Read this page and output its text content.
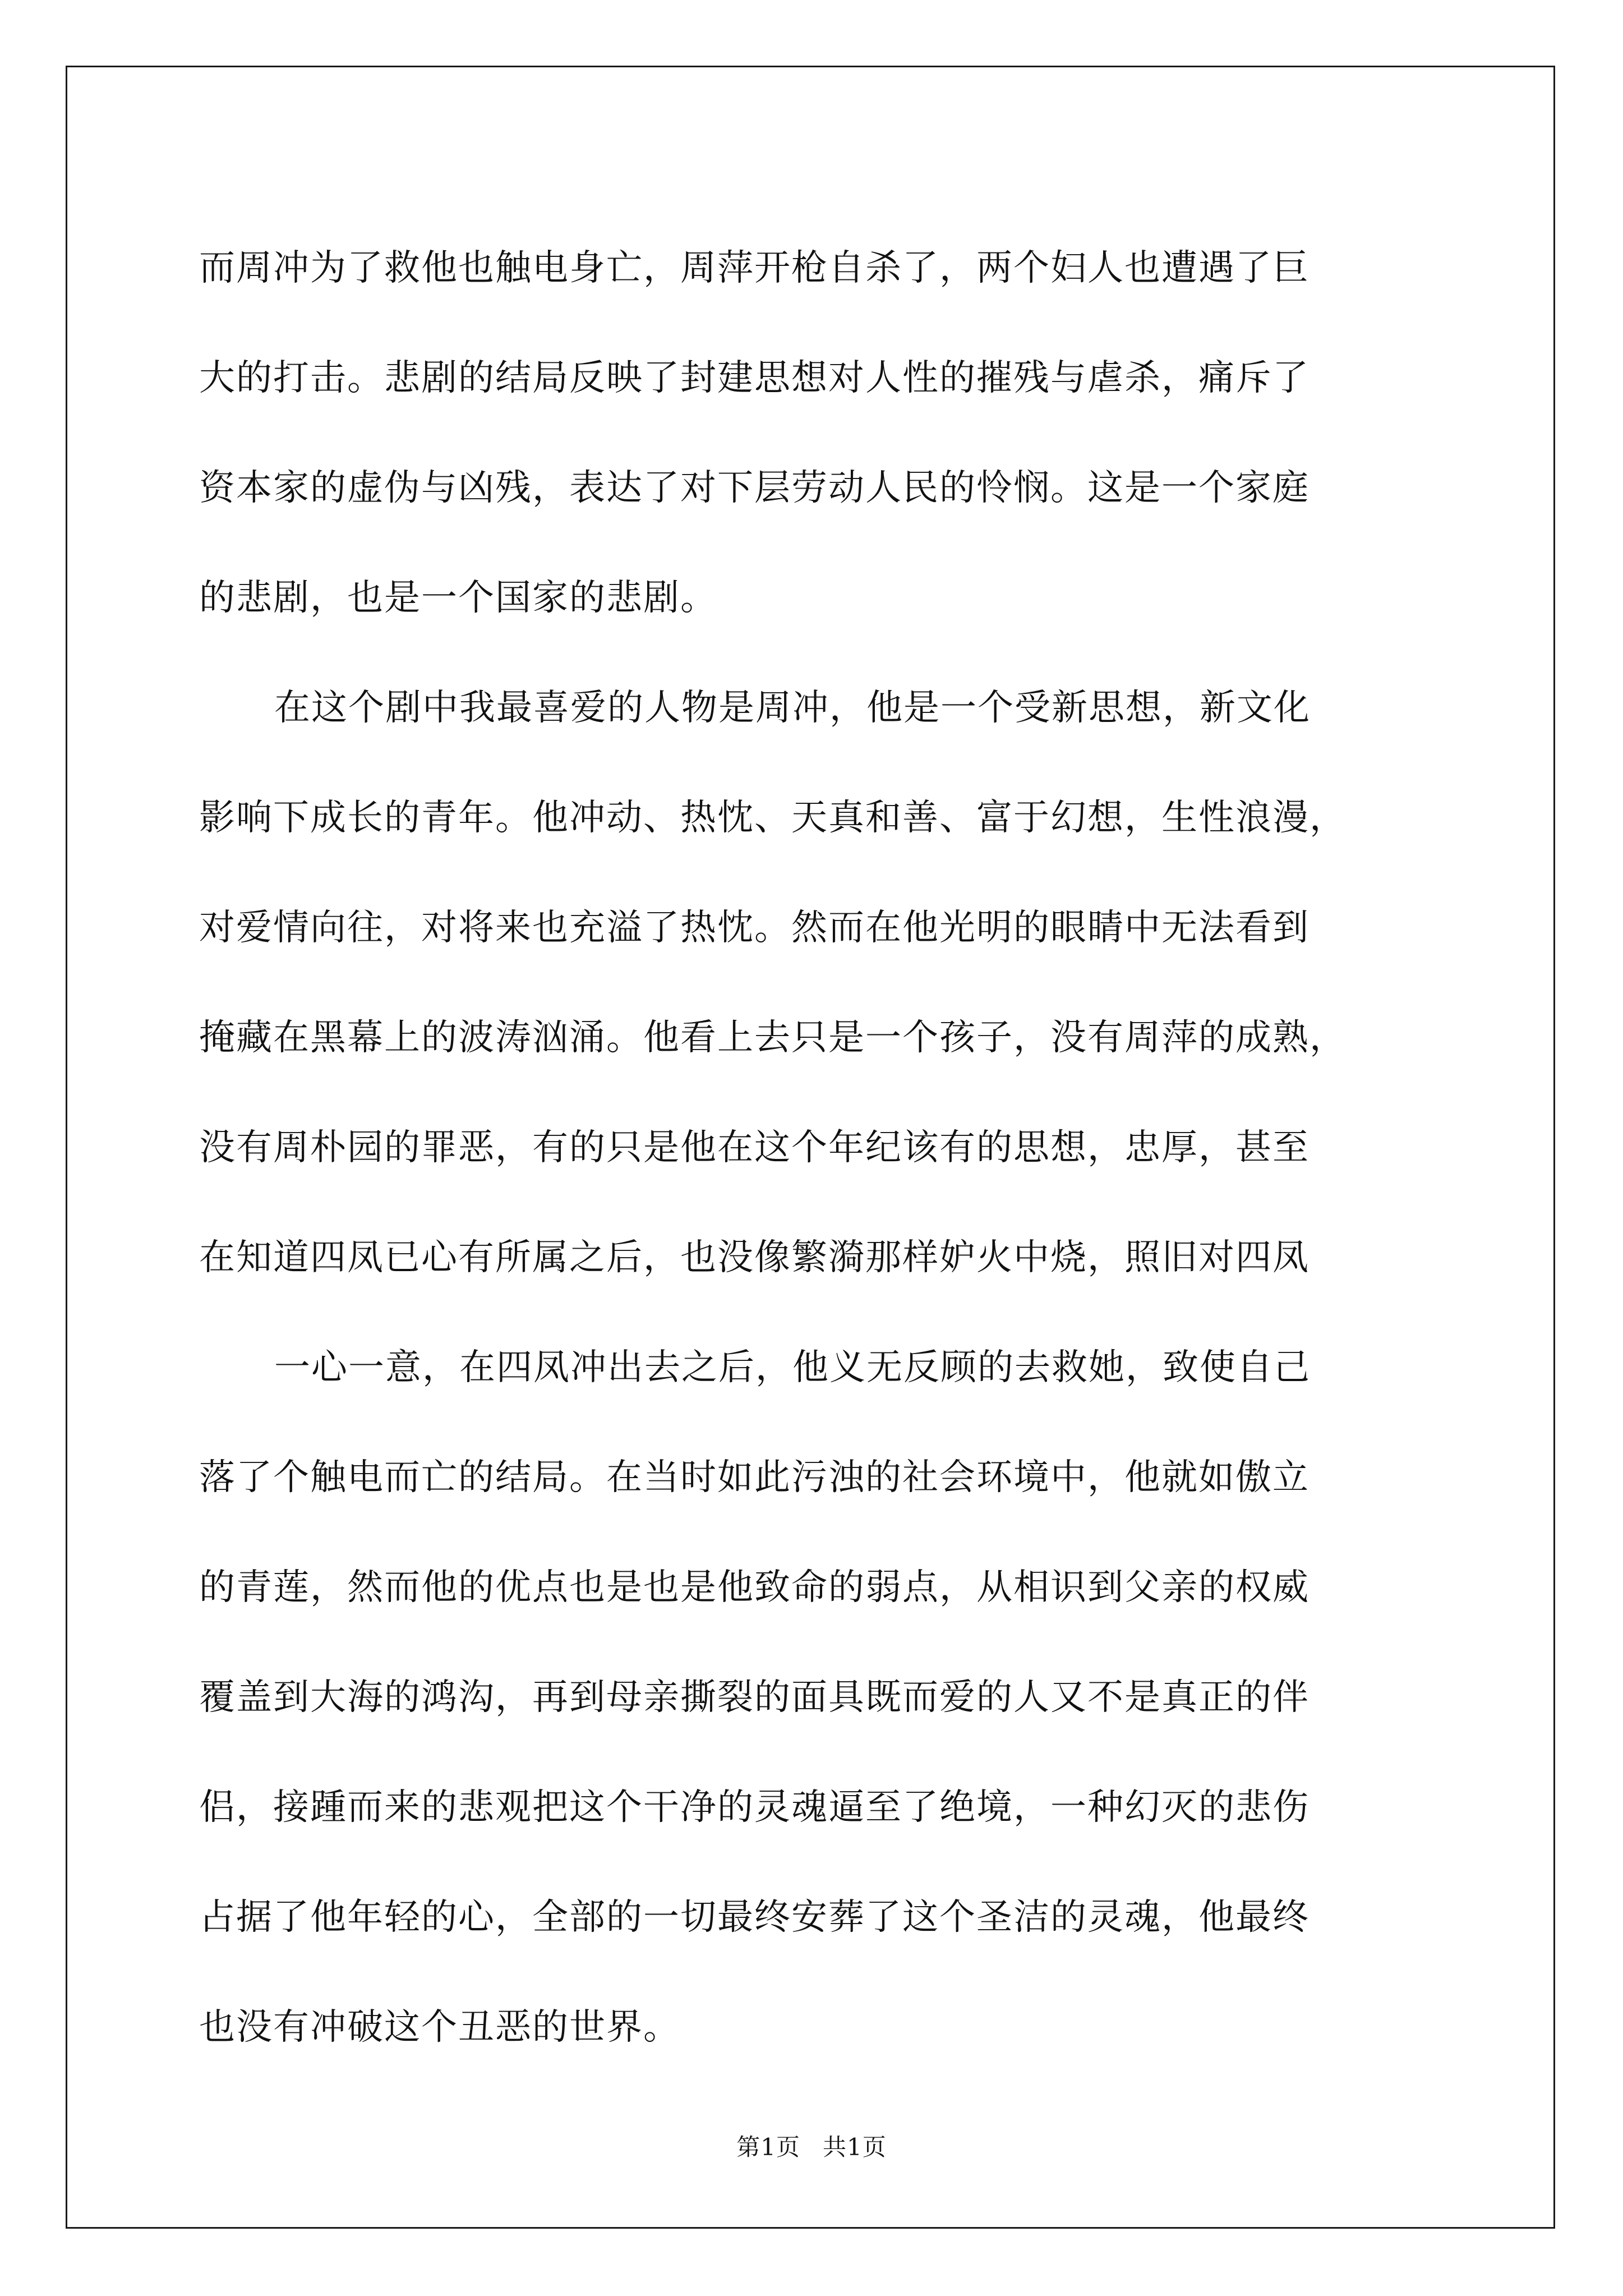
而周冲为了救他也触电身亡，周萍开枪自杀了，两个妇人也遭遇了巨
大的打击。悲剧的结局反映了封建思想对人性的摧残与虐杀，痛斥了
资本家的虚伪与凶残，表达了对下层劳动人民的怜悯。这是一个家庭
的悲剧，也是一个国家的悲剧。
在这个剧中我最喜爱的人物是周冲，他是一个受新思想，新文化
影响下成长的青年。他冲动、热忱、天真和善、富于幻想，生性浪漫，
对爱情向往，对将来也充溢了热忱。然而在他光明的眼睛中无法看到
掩藏在黑幕上的波涛汹涌。他看上去只是一个孩子，没有周萍的成熟，
没有周朴园的罪恶，有的只是他在这个年纪该有的思想，忠厚，甚至
在知道四凤已心有所属之后，也没像繁漪那样妒火中烧，照旧对四凤
一心一意，在四凤冲出去之后，他义无反顾的去救她，致使自己
落了个触电而亡的结局。在当时如此污浊的社会环境中，他就如傲立
的青莲，然而他的优点也是也是他致命的弱点，从相识到父亲的权威
覆盖到大海的鸿沟，再到母亲撕裂的面具既而爱的人又不是真正的伴
侣，接踵而来的悲观把这个干净的灵魂逼至了绝境，一种幻灭的悲伤
占据了他年轻的心，全部的一切最终安葬了这个圣洁的灵魂，他最终
也没有冲破这个丑恶的世界。
第1页 共1页
